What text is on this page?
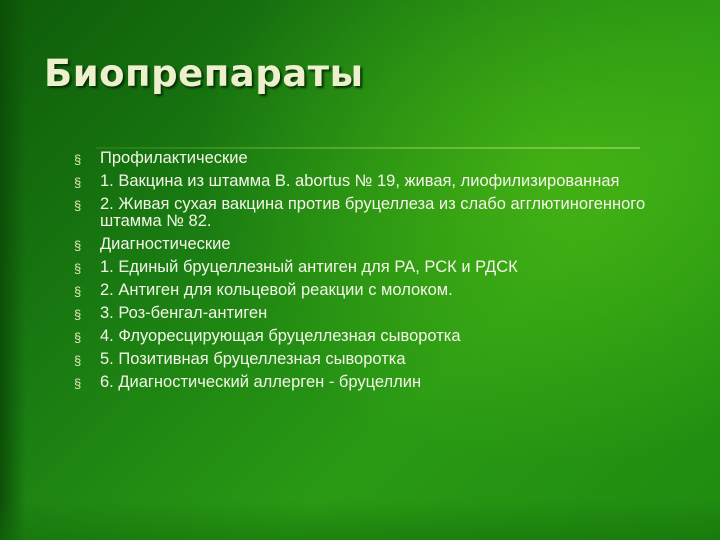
Биопрепараты
§ Профилактические
§ 1. Вакцина из штамма B. abortus № 19, живая, лиофилизированная
§ 2. Живая сухая вакцина против бруцеллеза из слабо агглютиногенного штамма № 82.
§ Диагностические
§ 1. Единый бруцеллезный антиген для РА, РСК и РДСК
§ 2. Антиген для кольцевой реакции с молоком.
§ 3. Роз-бенгал-антиген
§ 4. Флуоресцирующая бруцеллезная сыворотка
§ 5. Позитивная бруцеллезная сыворотка
§ 6. Диагностический аллерген - бруцеллин
